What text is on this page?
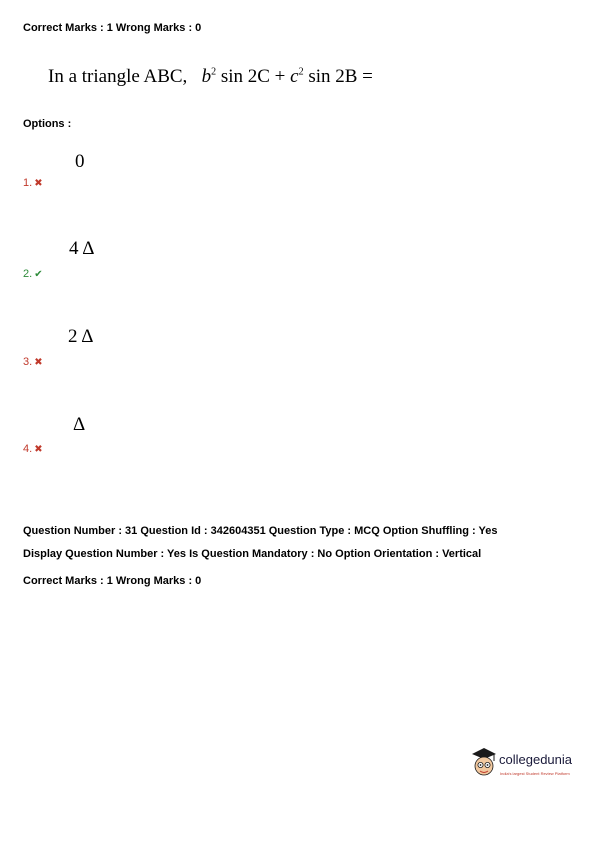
Correct Marks : 1 Wrong Marks : 0
In a triangle ABC, $b^2$ $\sin 2C + c^2$ sin 2B =
Options :
0
1. ✖
4 Δ
2. ✔
2 Δ
3. ✖
Δ
4. ✖
Question Number : 31 Question Id : 342604351 Question Type : MCQ Option Shuffling : Yes
Display Question Number : Yes Is Question Mandatory : No Option Orientation : Vertical
Correct Marks : 1 Wrong Marks : 0
collegedunia
India's largest Student Review Platform
